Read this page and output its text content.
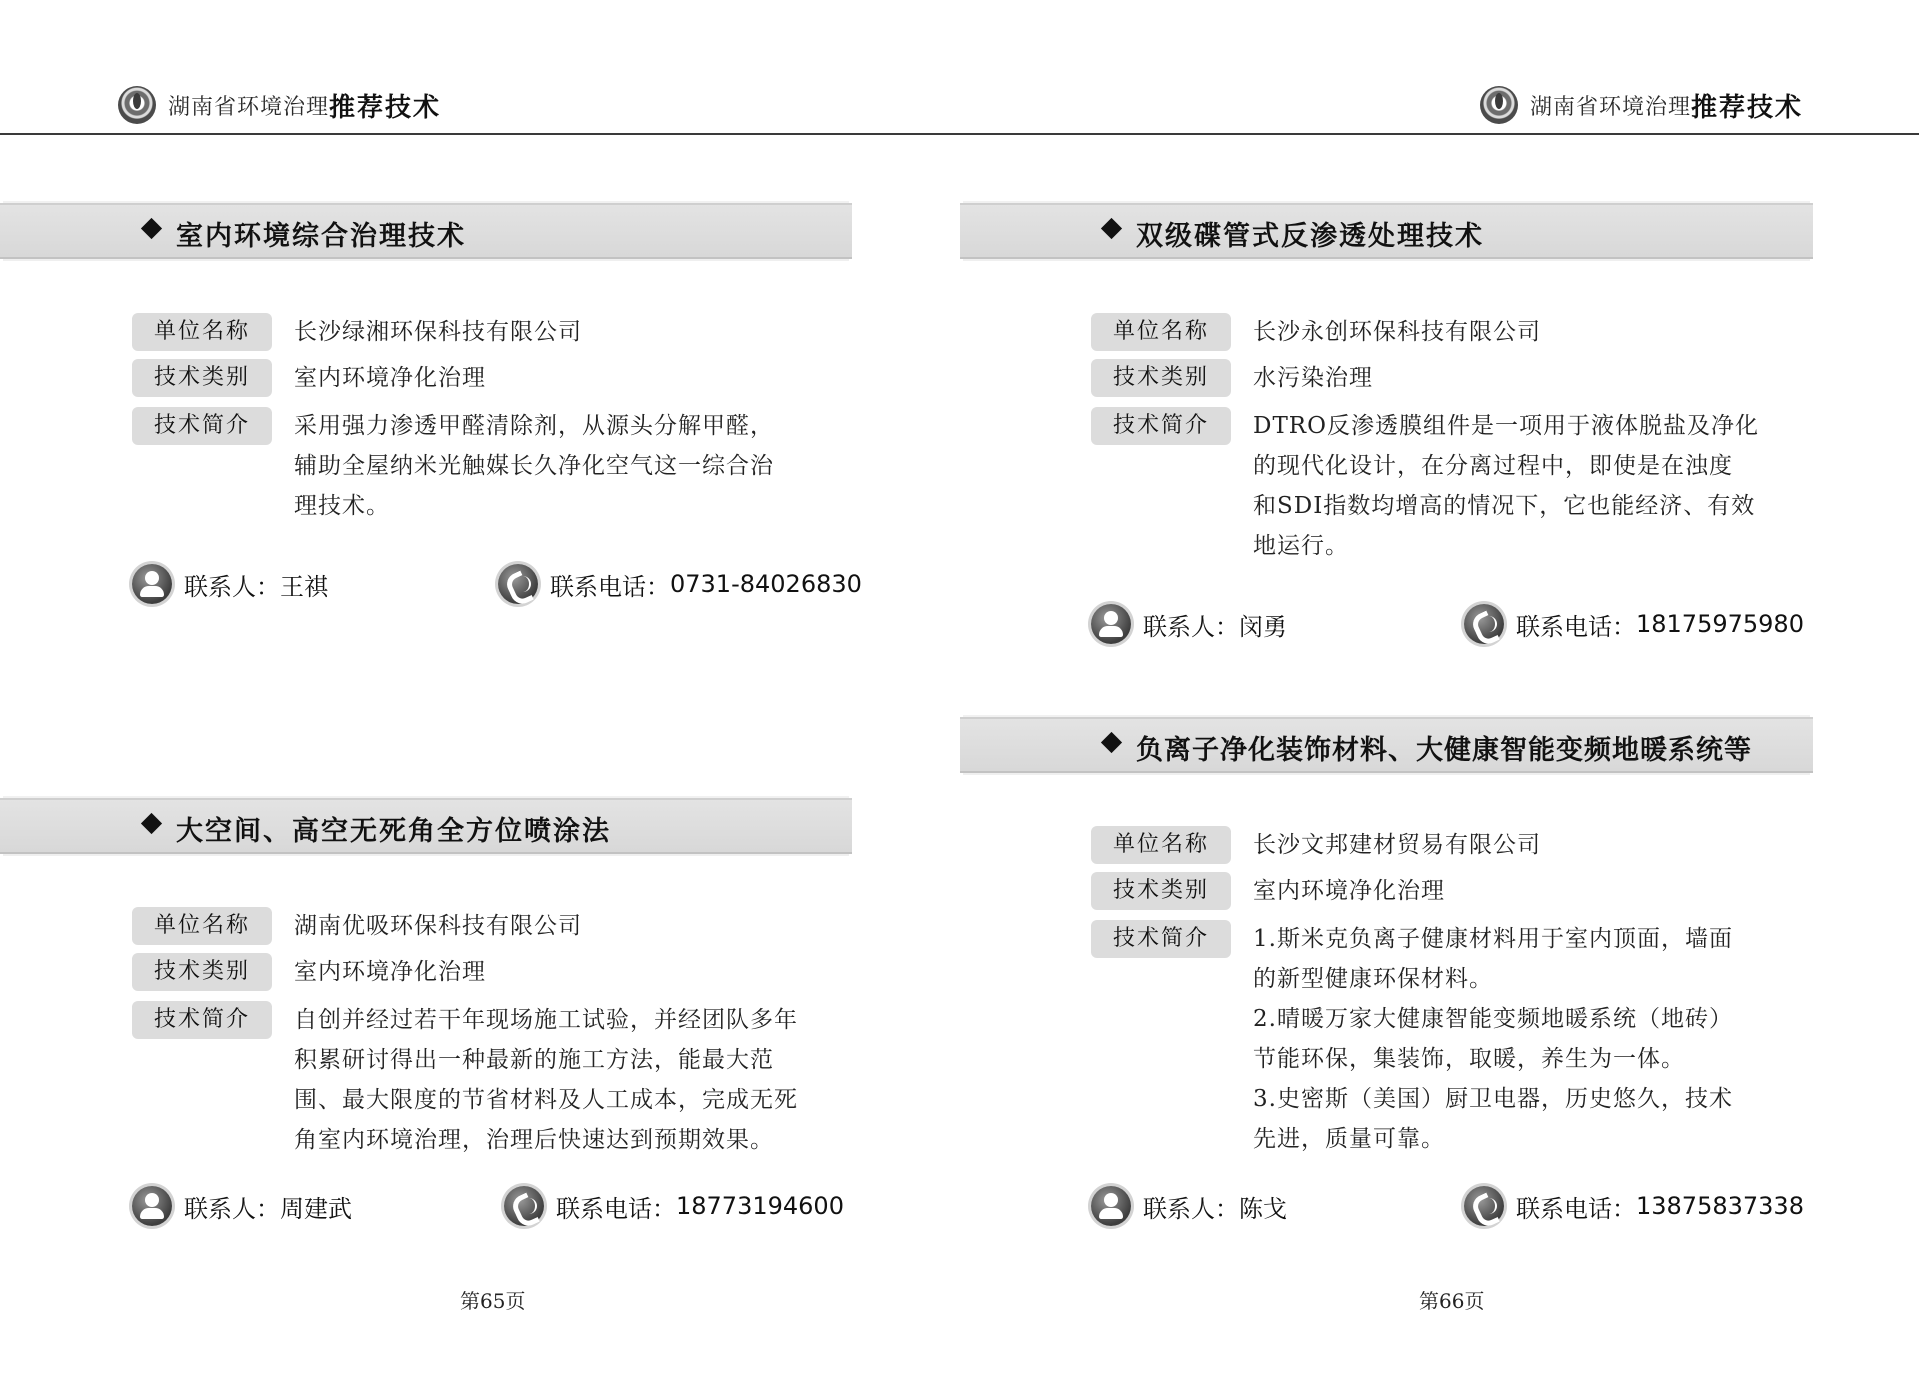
湖南省环境治理 推荐技术
室内环境综合治理技术
单位名称	长沙绿湘环保科技有限公司
技术类别	室内环境净化治理
技术简介	采用强力渗透甲醛清除剂，从源头分解甲醛，
辅助全屋纳米光触媒长久净化空气这一综合治
理技术。
联系人： 王祺	联系电话： 0731-84026830
大空间、高空无死角全方位喷涂法
单位名称	湖南优吸环保科技有限公司
技术类别	室内环境净化治理
技术简介	自创并经过若干年现场施工试验，并经团队多年
积累研讨得出一种最新的施工方法，能最大范
围、最大限度的节省材料及人工成本，完成无死
角室内环境治理，治理后快速达到预期效果。
联系人： 周建武	联系电话： 18773194600
第65页
湖南省环境治理 推荐技术
双级碟管式反渗透处理技术
单位名称	长沙永创环保科技有限公司
技术类别	水污染治理
技术简介	DTRO反渗透膜组件是一项用于液体脱盐及净化
的现代化设计，在分离过程中，即使是在浊度
和SDI指数均增高的情况下，它也能经济、有效
地运行。
联系人： 闵勇	联系电话： 18175975980
负离子净化装饰材料、大健康智能变频地暖系统等
单位名称	长沙文邦建材贸易有限公司
技术类别	室内环境净化治理
技术简介	1.斯米克负离子健康材料用于室内顶面，墙面
的新型健康环保材料。
2.晴暖万家大健康智能变频地暖系统（地砖）
节能环保，集装饰，取暖，养生为一体。
3.史密斯（美国）厨卫电器，历史悠久，技术
先进，质量可靠。
联系人： 陈戈	联系电话： 13875837338
第66页
